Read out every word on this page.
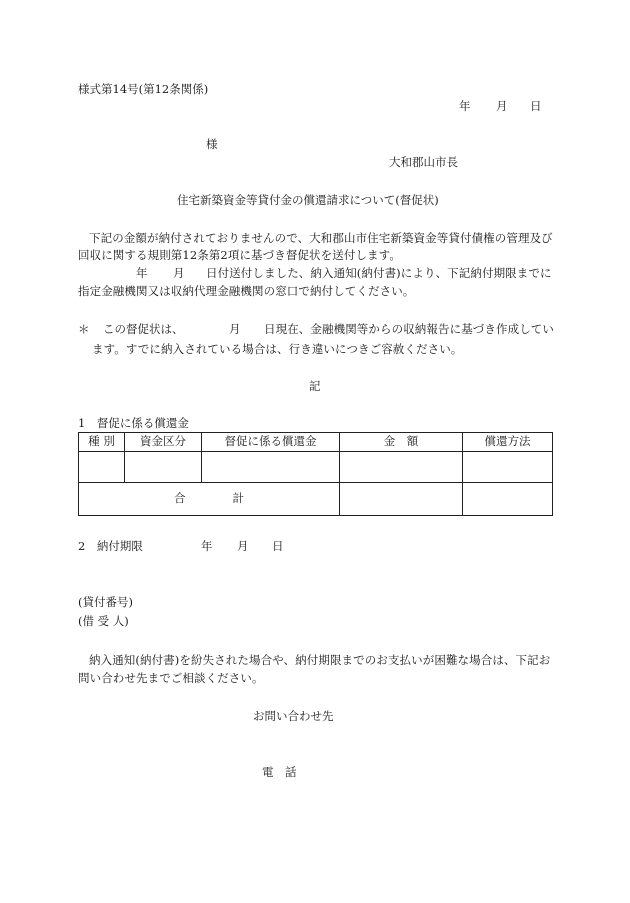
様式第14号(第12条関係)
年 月 日
様
大和郡山市長
住宅新築資金等貸付金の償還請求について(督促状)
下記の金額が納付されておりませんので、大和郡山市住宅新築資金等貸付債権の管理及び
回収に関する規則第12条第2項に基づき督促状を送付します。
年 月 日付送付しました、納入通知(納付書)により、下記納付期限までに
指定金融機関又は収納代理金融機関の窓口で納付してください。
＊ この督促状は、	月 日現在、金融機関等からの収納報告に基づき作成してい
ます。すでに納入されている場合は、行き違いにつきご容赦ください。
記
1　督促に係る償還金
種 別	資金区分	督促に係る償還金	金　額	償還方法

合 計				
2　納付期限	年 月 日
(貸付番号)
(借 受 人)
納入通知(納付書)を紛失された場合や、納付期限までのお支払いが困難な場合は、下記お
問い合わせ先までご相談ください。
お問い合わせ先
電　話
